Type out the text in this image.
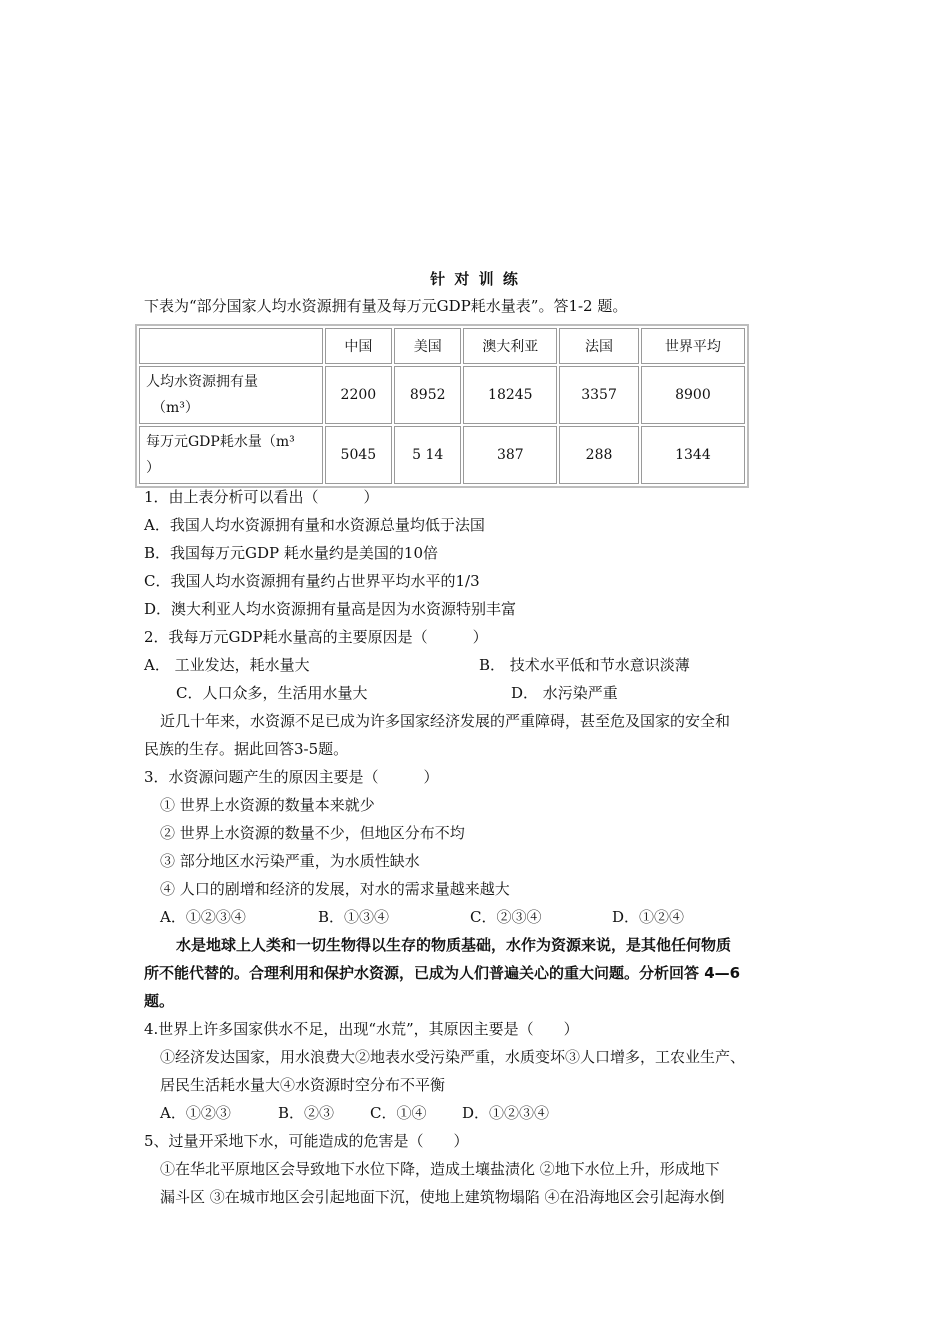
针 对 训 练
下表为“部分国家人均水资源拥有量及每万元GDP耗水量表”。答1-2 题。
	中国	美国	澳大利亚	法国	世界平均

人均水资源拥有量
（m³）	2200	8952	18245	3357	8900

每万元GDP耗水量（m³
）	5045	5 14	387	288	1344
1．由上表分析可以看出（　　　）
A．我国人均水资源拥有量和水资源总量均低于法国
B．我国每万元GDP 耗水量约是美国的10倍
C．我国人均水资源拥有量约占世界平均水平的1/3
D．澳大利亚人均水资源拥有量高是因为水资源特别丰富
2．我每万元GDP耗水量高的主要原因是（　　　）
A． 工业发达，耗水量大	B． 技术水平低和节水意识淡薄
C．人口众多，生活用水量大	D． 水污染严重
近几十年来，水资源不足已成为许多国家经济发展的严重障碍，甚至危及国家的安全和
民族的生存。据此回答3-5题。
3．水资源问题产生的原因主要是（　　　）
① 世界上水资源的数量本来就少
② 世界上水资源的数量不少，但地区分布不均
③ 部分地区水污染严重，为水质性缺水
④ 人口的剧增和经济的发展，对水的需求量越来越大
A．①②③④	B．①③④	C．②③④	D．①②④
水是地球上人类和一切生物得以生存的物质基础，水作为资源来说，是其他任何物质
所不能代替的。合理利用和保护水资源，已成为人们普遍关心的重大问题。分析回答 4—6
题。
4.世界上许多国家供水不足，出现“水荒”，其原因主要是（　　）
①经济发达国家，用水浪费大②地表水受污染严重，水质变坏③人口增多，工农业生产、
居民生活耗水量大④水资源时空分布不平衡
A．①②③	B．②③ C．①④ D．①②③④
5、过量开采地下水，可能造成的危害是（　　）
①在华北平原地区会导致地下水位下降，造成土壤盐渍化 ②地下水位上升，形成地下
漏斗区 ③在城市地区会引起地面下沉，使地上建筑物塌陷 ④在沿海地区会引起海水倒
